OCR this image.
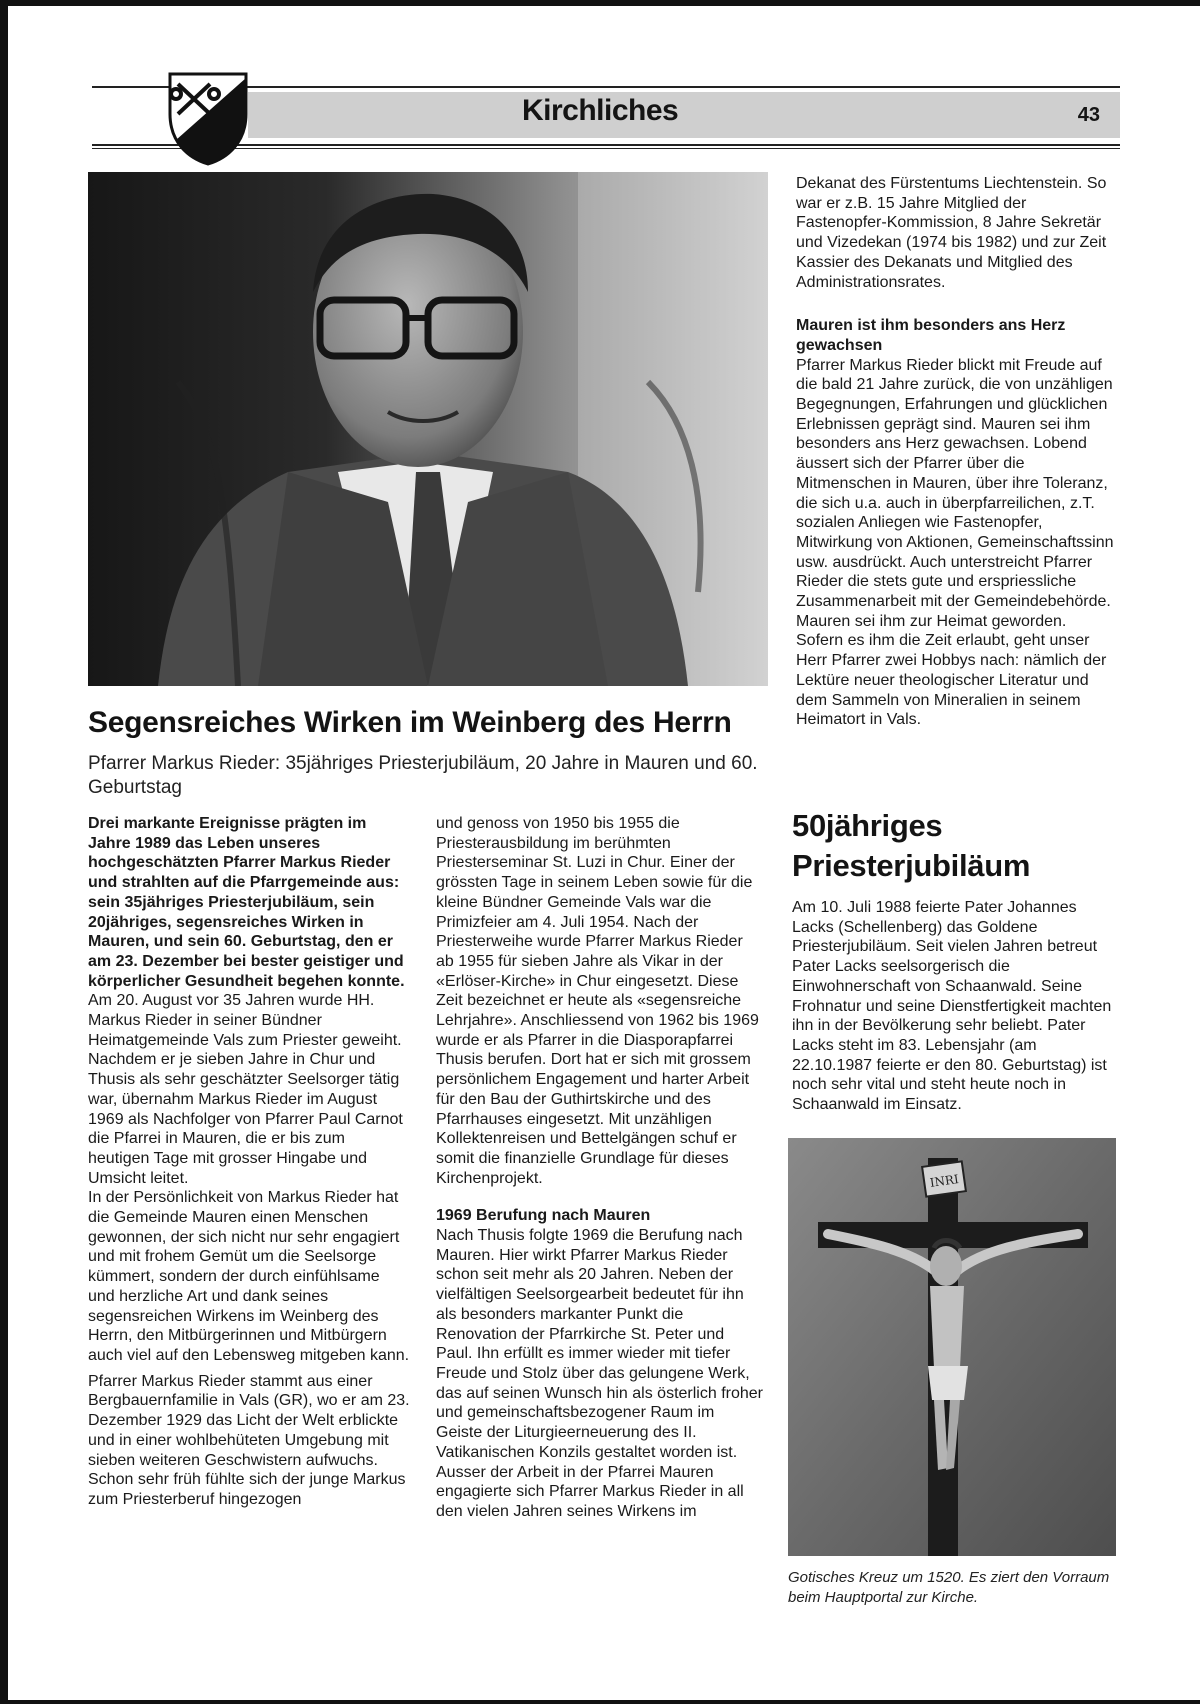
Kirchliches	43
Segensreiches Wirken im Weinberg des Herrn
Pfarrer Markus Rieder: 35jähriges Priesterjubiläum, 20 Jahre in Mauren und 60. Geburtstag

Drei markante Ereignisse prägten im Jahre 1989 das Leben unseres hochgeschätzten Pfarrer Markus Rieder und strahlten auf die Pfarrgemeinde aus: sein 35jähriges Priesterjubiläum, sein 20jähriges, segensreiches Wirken in Mauren, und sein 60. Geburtstag, den er am 23. Dezember bei bester geistiger und körperlicher Gesundheit begehen konnte.

Am 20. August vor 35 Jahren wurde HH. Markus Rieder in seiner Bündner Heimatgemeinde Vals zum Priester geweiht. Nachdem er je sieben Jahre in Chur und Thusis als sehr geschätzter Seelsorger tätig war, übernahm Markus Rieder im August 1969 als Nachfolger von Pfarrer Paul Carnot die Pfarrei in Mauren, die er bis zum heutigen Tage mit grosser Hingabe und Umsicht leitet.

In der Persönlichkeit von Markus Rieder hat die Gemeinde Mauren einen Menschen gewonnen, der sich nicht nur sehr engagiert und mit frohem Gemüt um die Seelsorge kümmert, sondern der durch einfühlsame und herzliche Art und dank seines segensreichen Wirkens im Weinberg des Herrn, den Mitbürgerinnen und Mitbürgern auch viel auf den Lebensweg mitgeben kann.

Pfarrer Markus Rieder stammt aus einer Bergbauernfamilie in Vals (GR), wo er am 23. Dezember 1929 das Licht der Welt erblickte und in einer wohlbehüteten Umgebung mit sieben weiteren Geschwistern aufwuchs.

Schon sehr früh fühlte sich der junge Markus zum Priesterberuf hingezogen

und genoss von 1950 bis 1955 die Priesterausbildung im berühmten Priesterseminar St. Luzi in Chur. Einer der grössten Tage in seinem Leben sowie für die kleine Bündner Gemeinde Vals war die Primizfeier am 4. Juli 1954. Nach der Priesterweihe wurde Pfarrer Markus Rieder ab 1955 für sieben Jahre als Vikar in der «Erlöser-Kirche» in Chur eingesetzt. Diese Zeit bezeichnet er heute als «segensreiche Lehrjahre». Anschliessend von 1962 bis 1969 wurde er als Pfarrer in die Diasporapfarrei Thusis berufen. Dort hat er sich mit grossem persönlichem Engagement und harter Arbeit für den Bau der Guthirtskirche und des Pfarrhauses eingesetzt. Mit unzähligen Kollektenreisen und Bettelgängen schuf er somit die finanzielle Grundlage für dieses Kirchenprojekt.

1969 Berufung nach Mauren

Nach Thusis folgte 1969 die Berufung nach Mauren. Hier wirkt Pfarrer Markus Rieder schon seit mehr als 20 Jahren. Neben der vielfältigen Seelsorgearbeit bedeutet für ihn als besonders markanter Punkt die Renovation der Pfarrkirche St. Peter und Paul. Ihn erfüllt es immer wieder mit tiefer Freude und Stolz über das gelungene Werk, das auf seinen Wunsch hin als österlich froher und gemeinschaftsbezogener Raum im Geiste der Liturgieerneuerung des II. Vatikanischen Konzils gestaltet worden ist. Ausser der Arbeit in der Pfarrei Mauren engagierte sich Pfarrer Markus Rieder in all den vielen Jahren seines Wirkens im

Dekanat des Fürstentums Liechtenstein. So war er z.B. 15 Jahre Mitglied der Fastenopfer-Kommission, 8 Jahre Sekretär und Vizedekan (1974 bis 1982) und zur Zeit Kassier des Dekanats und Mitglied des Administrationsrates.

Mauren ist ihm besonders ans Herz gewachsen

Pfarrer Markus Rieder blickt mit Freude auf die bald 21 Jahre zurück, die von unzähligen Begegnungen, Erfahrungen und glücklichen Erlebnissen geprägt sind. Mauren sei ihm besonders ans Herz gewachsen. Lobend äussert sich der Pfarrer über die Mitmenschen in Mauren, über ihre Toleranz, die sich u.a. auch in überpfarreilichen, z.T. sozialen Anliegen wie Fastenopfer, Mitwirkung von Aktionen, Gemeinschaftssinn usw. ausdrückt. Auch unterstreicht Pfarrer Rieder die stets gute und erspriessliche Zusammenarbeit mit der Gemeindebehörde. Mauren sei ihm zur Heimat geworden.

Sofern es ihm die Zeit erlaubt, geht unser Herr Pfarrer zwei Hobbys nach: nämlich der Lektüre neuer theologischer Literatur und dem Sammeln von Mineralien in seinem Heimatort in Vals.

50jähriges Priesterjubiläum

Am 10. Juli 1988 feierte Pater Johannes Lacks (Schellenberg) das Goldene Priesterjubiläum. Seit vielen Jahren betreut Pater Lacks seelsorgerisch die Einwohnerschaft von Schaanwald. Seine Frohnatur und seine Dienstfertigkeit machten ihn in der Bevölkerung sehr beliebt. Pater Lacks steht im 83. Lebensjahr (am 22.10.1987 feierte er den 80. Geburtstag) ist noch sehr vital und steht heute noch in Schaanwald im Einsatz.

INRI
Gotisches Kreuz um 1520. Es ziert den Vorraum beim Hauptportal zur Kirche.
